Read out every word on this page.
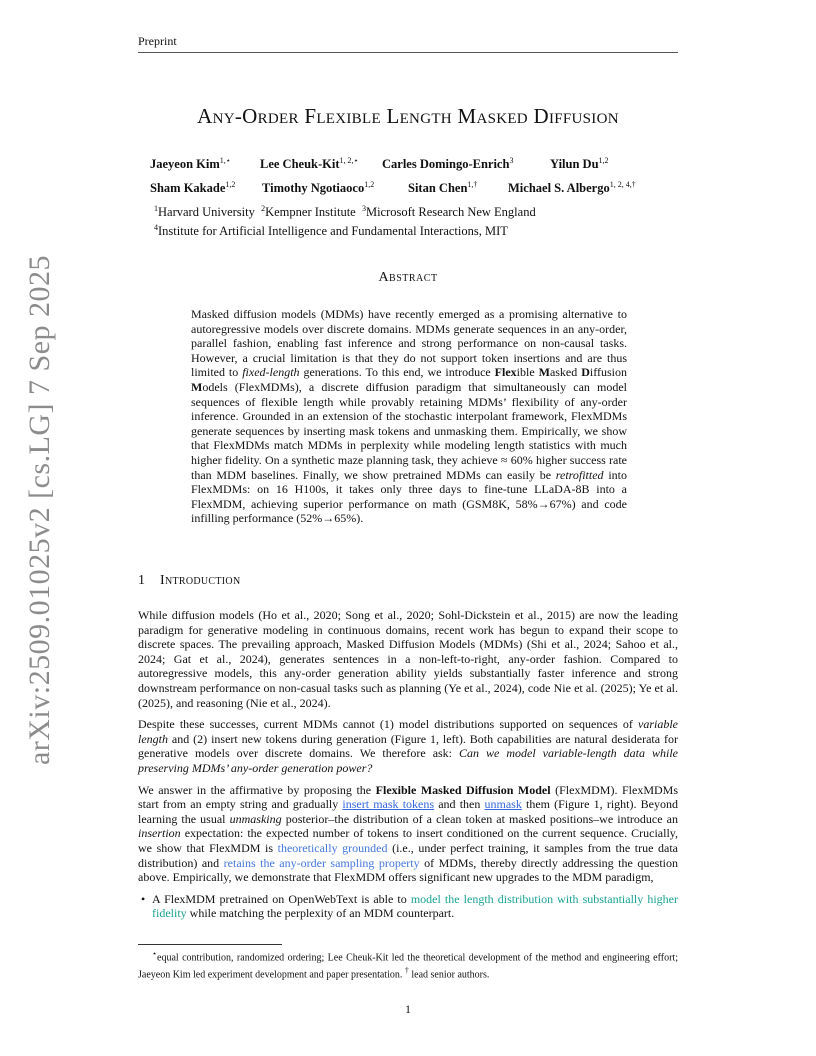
Preprint
arXiv:2509.01025v2 [cs.LG] 7 Sep 2025
Any-Order Flexible Length Masked Diffusion
Jaeyeon Kim$^{1,⋆}$ Lee Cheuk-Kit$^{1, 2,⋆}$ Carles Domingo-Enrich$^3$	Yilun Du$^{1,2}$
Sham Kakade$^{1,2}$ Timothy Ngotiaoco$^{1,2}$	Sitan Chen$^{1,\dagger}$ Michael S. Albergo$^{1, 2, 4,\dagger}$
$^1$Harvard University $^2$Kempner Institute $^3$Microsoft Research New England
$^4$Institute for Artificial Intelligence and Fundamental Interactions, MIT
Abstract
Masked diffusion models (MDMs) have recently emerged as a promising alternative to autoregressive models over discrete domains. MDMs generate sequences in an any-order, parallel fashion, enabling fast inference and strong performance on non-causal tasks. However, a crucial limitation is that they do not support token insertions and are thus limited to fixed-length generations. To this end, we introduce Flexible Masked Diffusion Models (FlexMDMs), a discrete diffusion paradigm that simultaneously can model sequences of flexible length while provably retaining MDMs’ flexibility of any-order inference. Grounded in an extension of the stochastic interpolant framework, FlexMDMs generate sequences by inserting mask tokens and unmasking them. Empirically, we show that FlexMDMs match MDMs in perplexity while modeling length statistics with much higher fidelity. On a synthetic maze planning task, they achieve ≈ 60% higher success rate than MDM baselines. Finally, we show pretrained MDMs can easily be retrofitted into FlexMDMs: on 16 H100s, it takes only three days to fine-tune LLaDA-8B into a FlexMDM, achieving superior performance on math (GSM8K, 58%→67%) and code infilling performance (52%→65%).
1 Introduction

While diffusion models (Ho et al., 2020; Song et al., 2020; Sohl-Dickstein et al., 2015) are now the leading paradigm for generative modeling in continuous domains, recent work has begun to expand their scope to discrete spaces. The prevailing approach, Masked Diffusion Models (MDMs) (Shi et al., 2024; Sahoo et al., 2024; Gat et al., 2024), generates sentences in a non-left-to-right, any-order fashion. Compared to autoregressive models, this any-order generation ability yields substantially faster inference and strong downstream performance on non-casual tasks such as planning (Ye et al., 2024), code Nie et al. (2025); Ye et al. (2025), and reasoning (Nie et al., 2024).

Despite these successes, current MDMs cannot (1) model distributions supported on sequences of variable length and (2) insert new tokens during generation (Figure 1, left). Both capabilities are natural desiderata for generative models over discrete domains. We therefore ask: Can we model variable-length data while preserving MDMs’ any-order generation power?

We answer in the affirmative by proposing the Flexible Masked Diffusion Model (FlexMDM). FlexMDMs start from an empty string and gradually insert mask tokens and then unmask them (Figure 1, right). Beyond learning the usual unmasking posterior–the distribution of a clean token at masked positions–we introduce an insertion expectation: the expected number of tokens to insert conditioned on the current sequence. Crucially, we show that FlexMDM is theoretically grounded (i.e., under perfect training, it samples from the true data distribution) and retains the any-order sampling property of MDMs, thereby directly addressing the question above. Empirically, we demonstrate that FlexMDM offers significant new upgrades to the MDM paradigm,

• A FlexMDM pretrained on OpenWebText is able to model the length distribution with substantially higher fidelity while matching the perplexity of an MDM counterpart.

⋆equal contribution, randomized ordering; Lee Cheuk-Kit led the theoretical development of the method and engineering effort; Jaeyeon Kim led experiment development and paper presentation. † lead senior authors.
1
